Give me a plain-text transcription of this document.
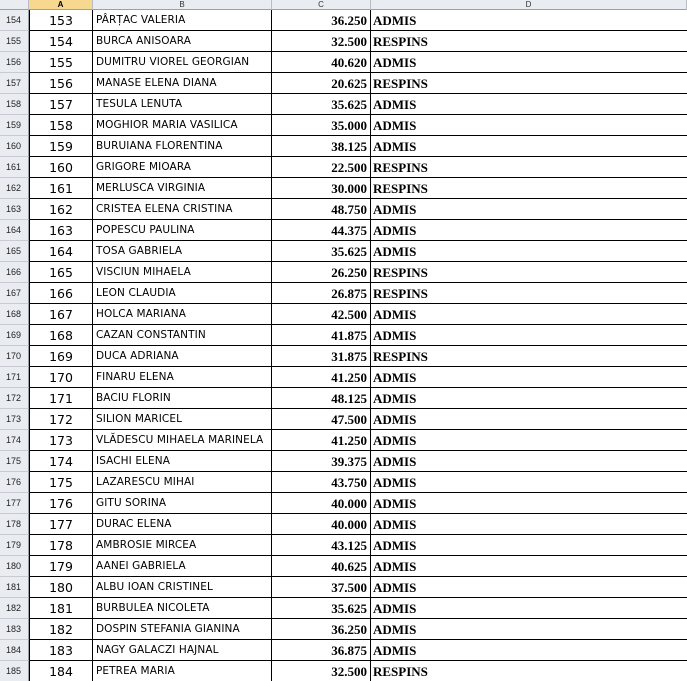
A	B	C	D
154	153	PÂRȚAC VALERIA	36.250 ADMIS
155	154	BURCA ANISOARA	32.500 RESPINS
156	155	DUMITRU VIOREL GEORGIAN	40.620 ADMIS
157	156	MANASE ELENA DIANA	20.625 RESPINS
158	157	TESULA LENUTA	35.625 ADMIS
159	158	MOGHIOR MARIA VASILICA	35.000 ADMIS
160	159	BURUIANA FLORENTINA	38.125 ADMIS
161	160	GRIGORE MIOARA	22.500 RESPINS
162	161	MERLUSCA VIRGINIA	30.000 RESPINS
163	162	CRISTEA ELENA CRISTINA	48.750 ADMIS
164	163	POPESCU PAULINA	44.375 ADMIS
165	164	TOSA GABRIELA	35.625 ADMIS
166	165	VISCIUN MIHAELA	26.250 RESPINS
167	166	LEON CLAUDIA	26.875 RESPINS
168	167	HOLCA MARIANA	42.500 ADMIS
169	168	CAZAN CONSTANTIN	41.875 ADMIS
170	169	DUCA ADRIANA	31.875 RESPINS
171	170	FINARU ELENA	41.250 ADMIS
172	171	BACIU FLORIN	48.125 ADMIS
173	172	SILION MARICEL	47.500 ADMIS
174	173	VLĂDESCU MIHAELA MARINELA	41.250 ADMIS
175	174	ISACHI ELENA	39.375 ADMIS
176	175	LAZARESCU MIHAI	43.750 ADMIS
177	176	GITU SORINA	40.000 ADMIS
178	177	DURAC ELENA	40.000 ADMIS
179	178	AMBROSIE MIRCEA	43.125 ADMIS
180	179	AANEI GABRIELA	40.625 ADMIS
181	180	ALBU IOAN CRISTINEL	37.500 ADMIS
182	181	BURBULEA NICOLETA	35.625 ADMIS
183	182	DOSPIN STEFANIA GIANINA	36.250 ADMIS
184	183	NAGY GALACZI HAJNAL	36.875 ADMIS
185	184	PETREA MARIA	32.500 RESPINS
